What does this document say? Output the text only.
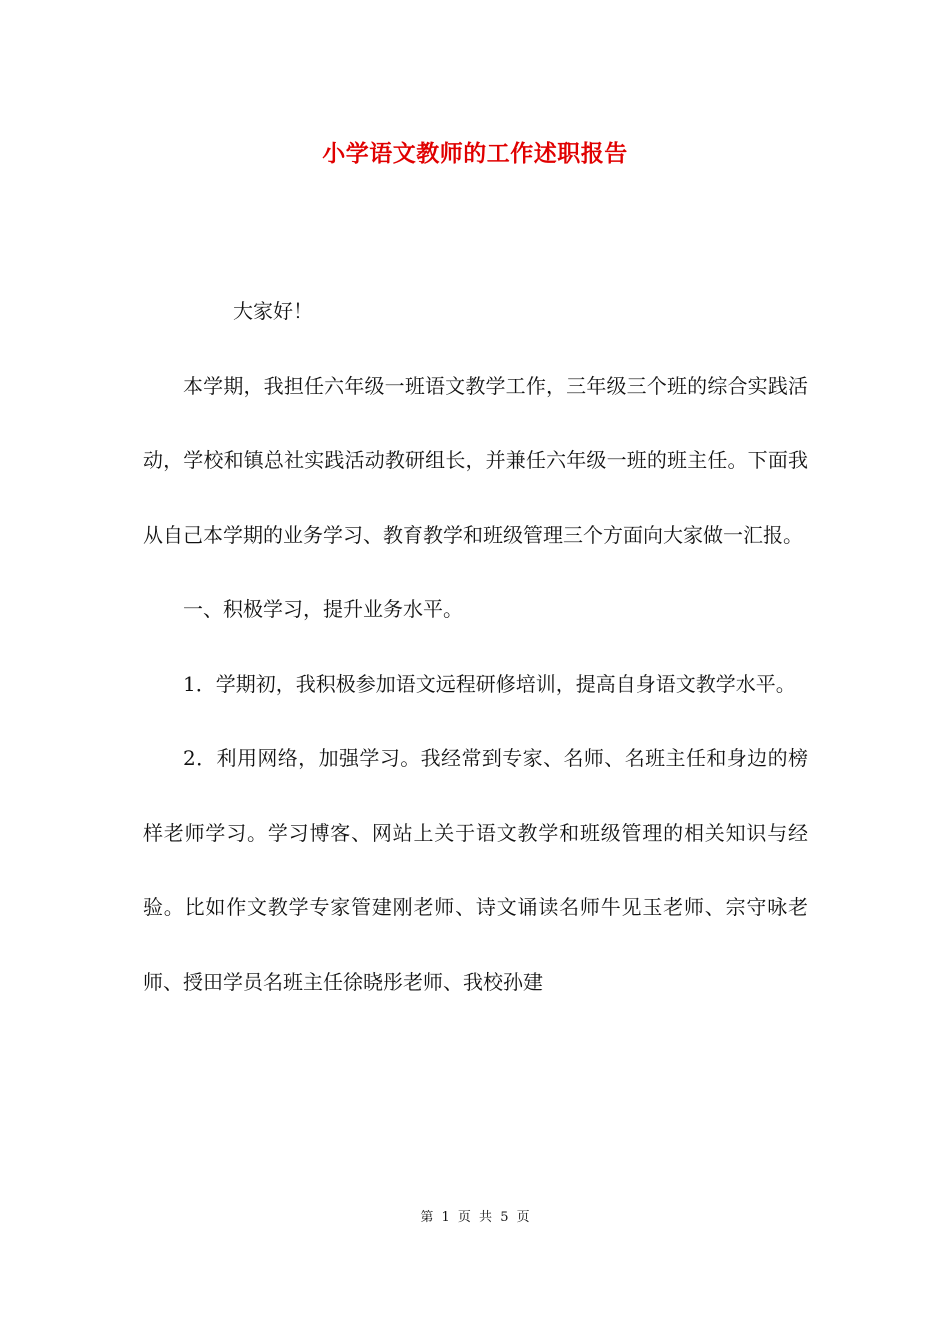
小学语文教师的工作述职报告

大家好！

本学期，我担任六年级一班语文教学工作，三年级三个班的综合实践活动，学校和镇总社实践活动教研组长，并兼任六年级一班的班主任。下面我从自己本学期的业务学习、教育教学和班级管理三个方面向大家做一汇报。

一、积极学习，提升业务水平。

1．学期初，我积极参加语文远程研修培训，提高自身语文教学水平。

2．利用网络，加强学习。我经常到专家、名师、名班主任和身边的榜样老师学习。学习博客、网站上关于语文教学和班级管理的相关知识与经验。比如作文教学专家管建刚老师、诗文诵读名师牛见玉老师、宗守咏老师、授田学员名班主任徐晓彤老师、我校孙建

第 1 页 共 5 页
